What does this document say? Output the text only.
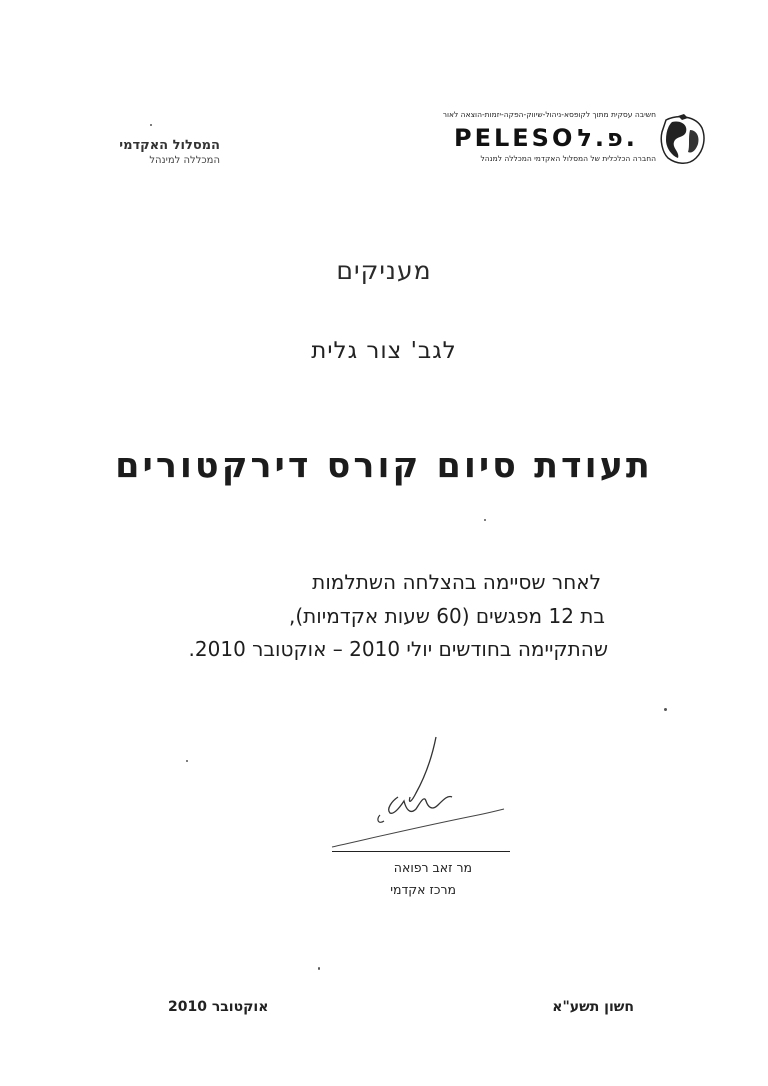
חשיבה עסקית מתוך לקופסא-ניהול-שיווק-הפקה-יזמות-הוצאה לאור
PELESOפ.ל.
החברה הכלכלית של המסלול האקדמי המכללה למנהל
המסלול האקדמי
המכללה למינהל
מעניקים
לגב' צור גלית
תעודת סיום קורס דירקטורים
לאחר שסיימה בהצלחה השתלמות
בת 12 מפגשים (60 שעות אקדמיות),
שהתקיימה בחודשים יולי 2010 – אוקטובר 2010.
מר זאב רפואה
מרכז אקדמי
אוקטובר 2010	חשון תשע"א
